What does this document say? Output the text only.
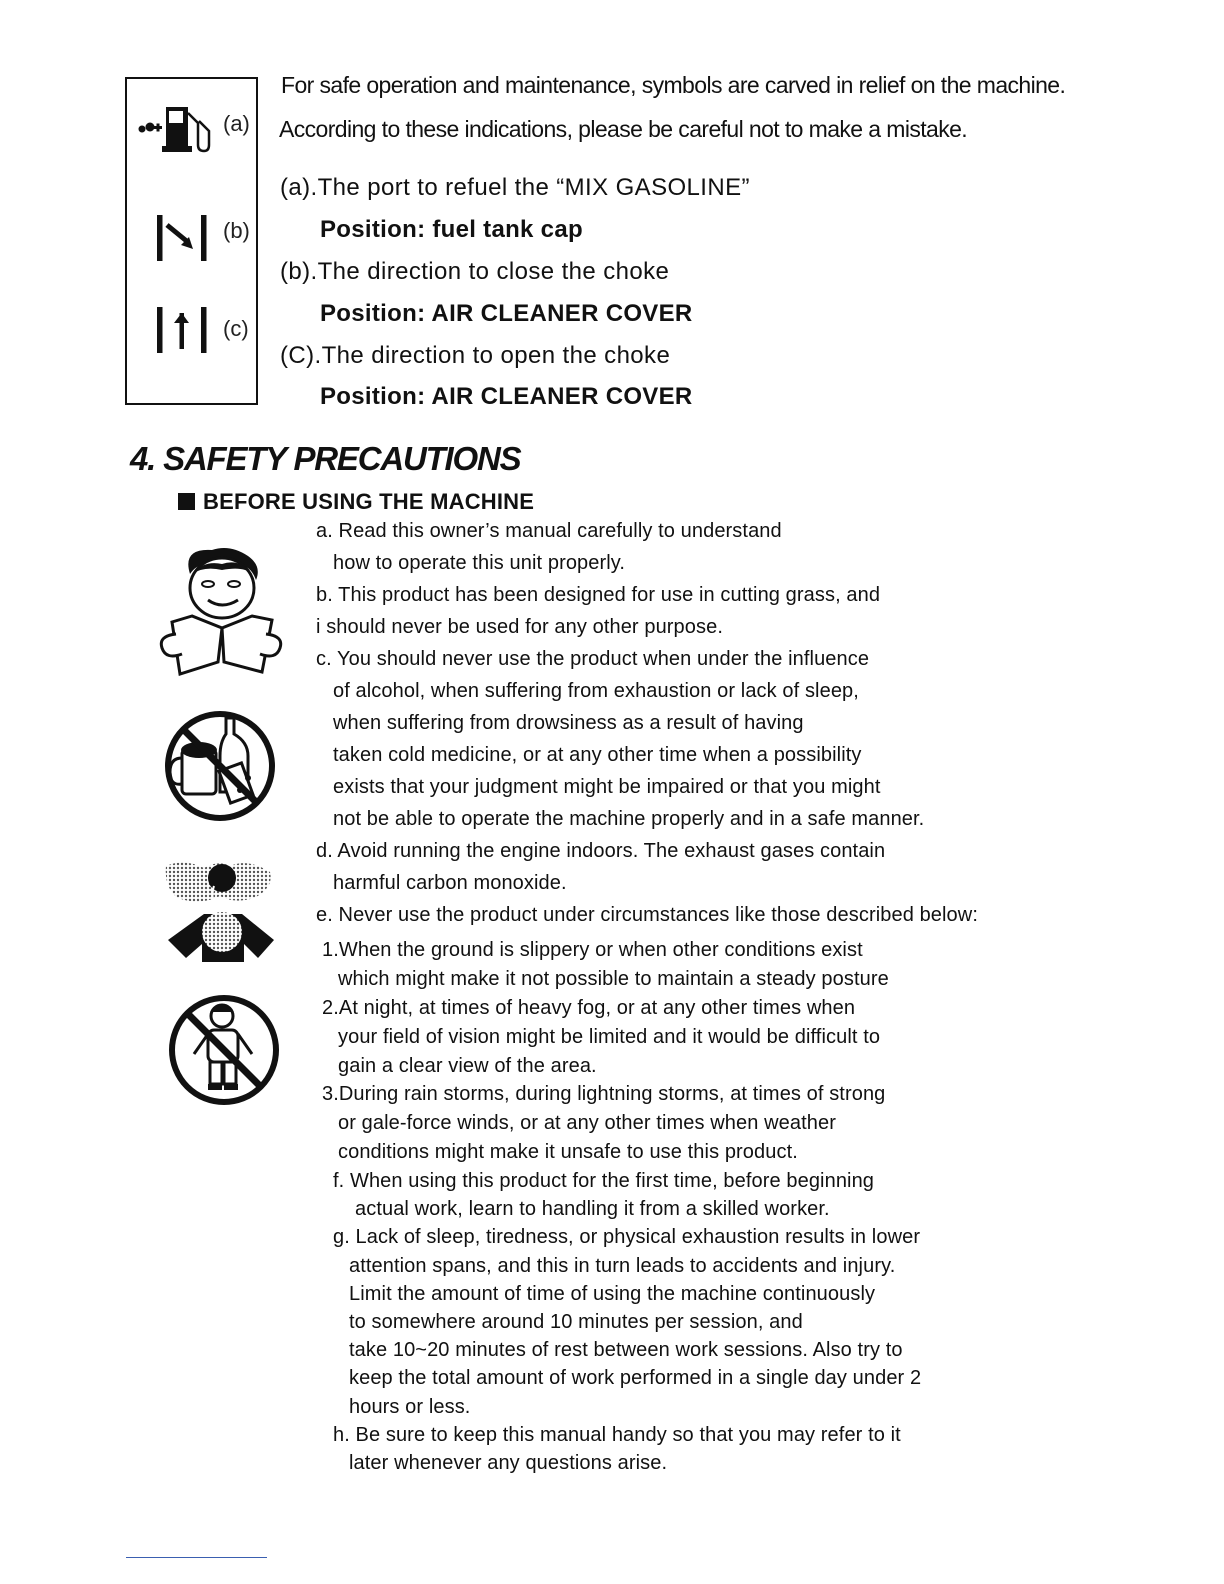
(a)
(b)
(c)
For safe operation and maintenance, symbols are carved in relief on the machine.
According to these indications, please be careful not to make a mistake.
(a).The port to refuel the “MIX GASOLINE”
Position: fuel tank cap
(b).The direction to close the choke
Position: AIR CLEANER COVER
(C).The direction to open the choke
Position: AIR CLEANER COVER
4. SAFETY PRECAUTIONS
BEFORE USING THE MACHINE
a. Read this owner’s manual carefully to understand
how to operate this unit properly.
b. This product has been designed for use in cutting grass, and
i should never be used for any other purpose.
c. You should never use the product when under the influence
of alcohol, when suffering from exhaustion or lack of sleep,
when suffering from drowsiness as a result of having
taken cold medicine, or at any other time when a possibility
exists that your judgment might be impaired or that you might
not be able to operate the machine properly and in a safe manner.
d. Avoid running the engine indoors. The exhaust gases contain
harmful carbon monoxide.
e. Never use the product under circumstances like those described below:
1.When the ground is slippery or when other conditions exist
which might make it not possible to maintain a steady posture
2.At night, at times of heavy fog, or at any other times when
your field of vision might be limited and it would be difficult to
gain a clear view of the area.
3.During rain storms, during lightning storms, at times of strong
or gale-force winds, or at any other times when weather
conditions might make it unsafe to use this product.
f. When using this product for the first time, before beginning
actual work, learn to handling it from a skilled worker.
g. Lack of sleep, tiredness, or physical exhaustion results in lower
attention spans, and this in turn leads to accidents and injury.
Limit the amount of time of using the machine continuously
to somewhere around 10 minutes per session, and
take 10~20 minutes of rest between work sessions. Also try to
keep the total amount of work performed in a single day under 2
hours or less.
h. Be sure to keep this manual handy so that you may refer to it
later whenever any questions arise.
